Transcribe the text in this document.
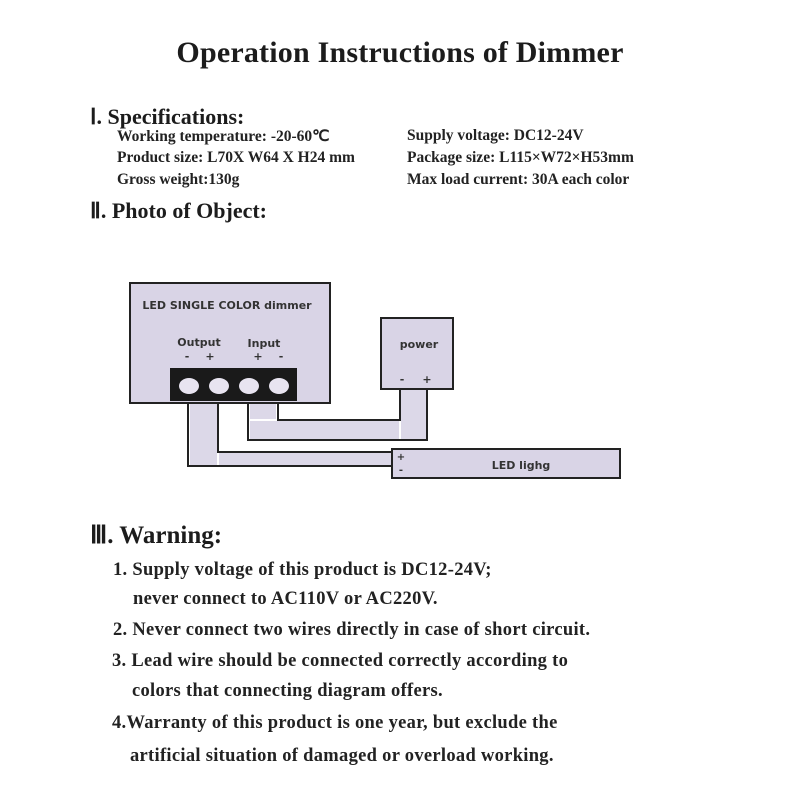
Operation Instructions of Dimmer
Ⅰ. Specifications:
Working temperature: -20-60℃
Product size: L70X W64 X H24 mm
Gross weight:130g
Supply voltage: DC12-24V
Package size: L115×W72×H53mm
Max load current: 30A each color
Ⅱ. Photo of Object:
LED SINGLE COLOR dimmer
Output Input
- +	+ -
power
- +
+
-	LED lighg
Ⅲ. Warning:
1. Supply voltage of this product is DC12-24V;
never connect to AC110V or AC220V.
2. Never connect two wires directly in case of short circuit.
3. Lead wire should be connected correctly according to
colors that connecting diagram offers.
4.Warranty of this product is one year, but exclude the
artificial situation of damaged or overload working.
